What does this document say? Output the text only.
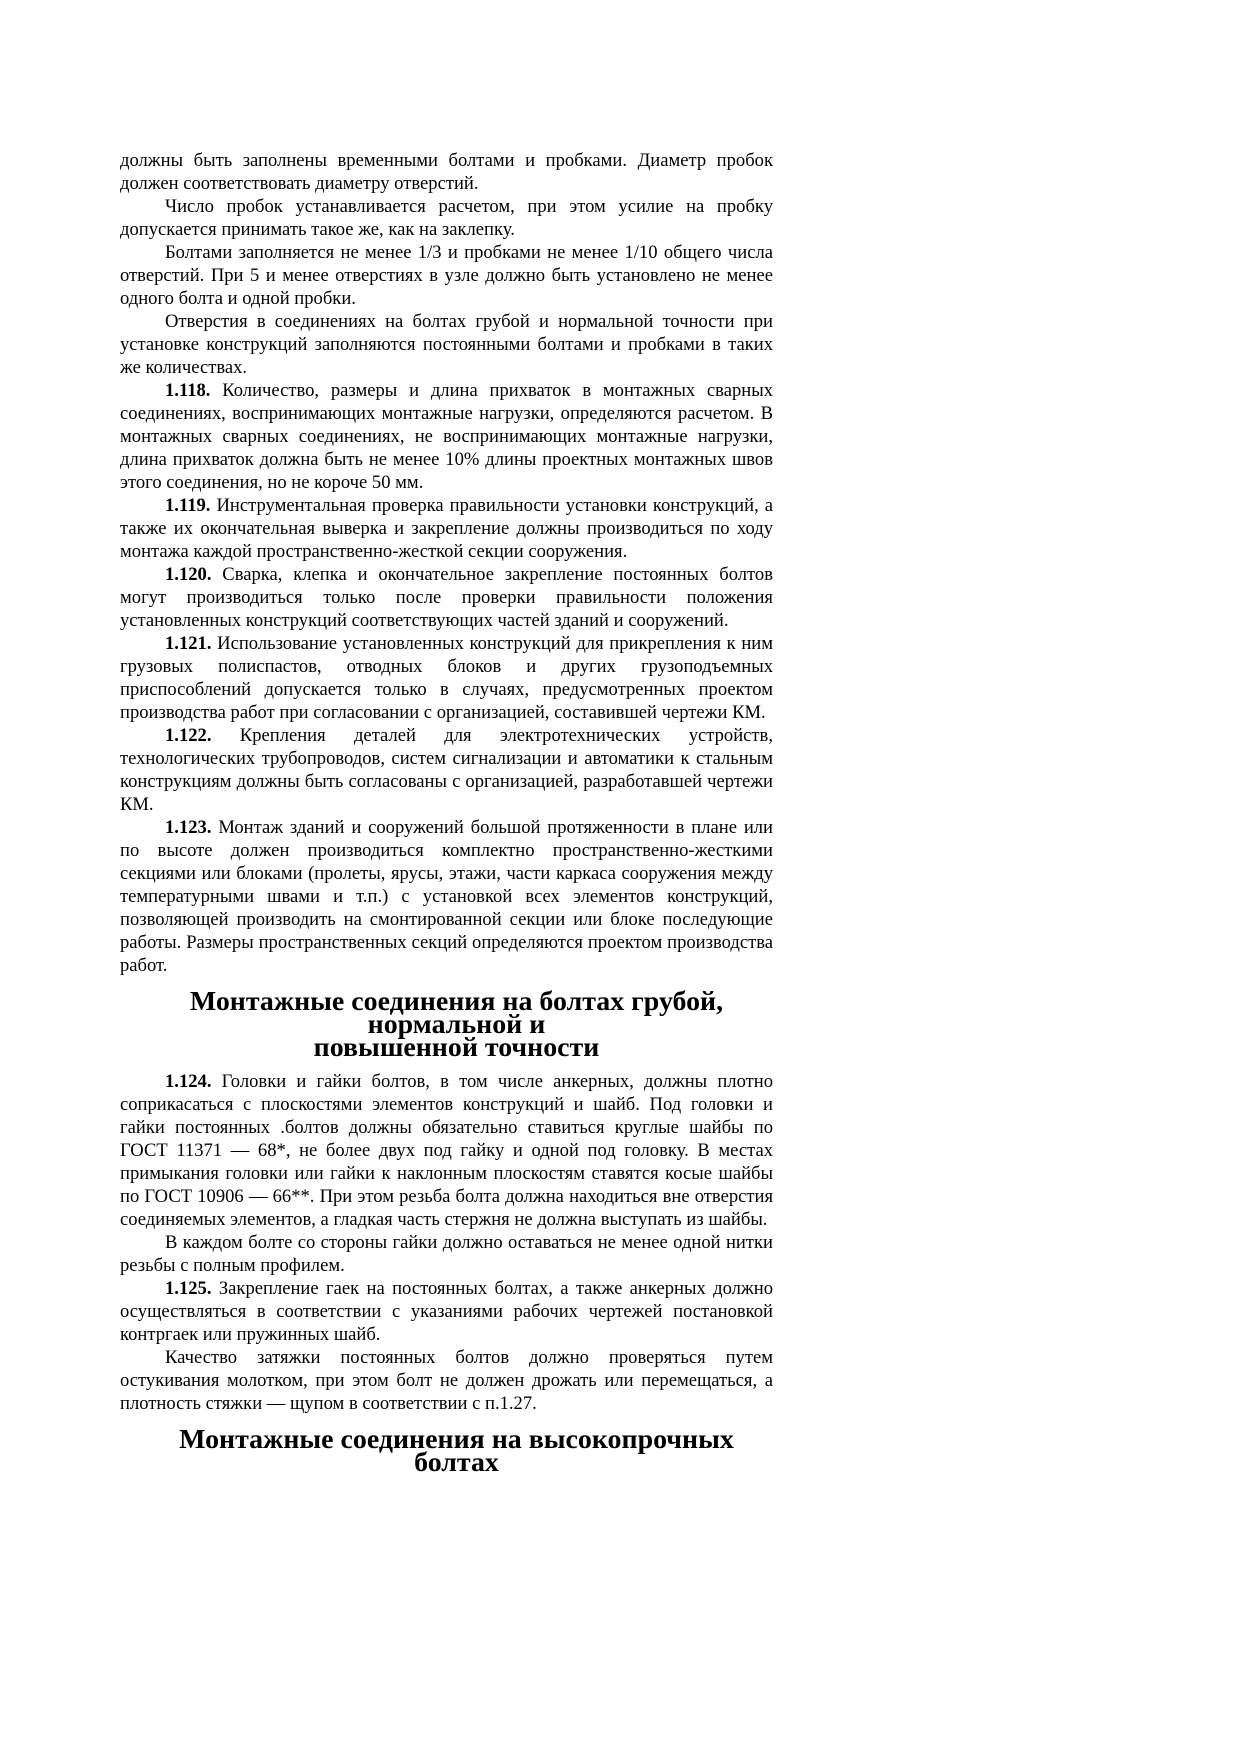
должны быть заполнены временными болтами и пробками. Диаметр пробок должен соответствовать диаметру отверстий.

Число пробок устанавливается расчетом, при этом усилие на пробку допускается принимать такое же, как на заклепку.

Болтами заполняется не менее 1/3 и пробками не менее 1/10 общего числа отверстий. При 5 и менее отверстиях в узле должно быть установлено не менее одного болта и одной пробки.

Отверстия в соединениях на болтах грубой и нормальной точности при установке конструкций заполняются постоянными болтами и пробками в таких же количествах.

1.118. Количество, размеры и длина прихваток в монтажных сварных соединениях, воспринимающих монтажные нагрузки, определяются расчетом. В монтажных сварных соединениях, не воспринимающих монтажные нагрузки, длина прихваток должна быть не менее 10% длины проектных монтажных швов этого соединения, но не короче 50 мм.

1.119. Инструментальная проверка правильности установки конструкций, а также их окончательная выверка и закрепление должны производиться по ходу монтажа каждой пространственно-жесткой секции сооружения.

1.120. Сварка, клепка и окончательное закрепление постоянных болтов могут производиться только после проверки правильности положения установленных конструкций соответствующих частей зданий и сооружений.

1.121. Использование установленных конструкций для прикрепления к ним грузовых полиспастов, отводных блоков и других грузоподъемных приспособлений допускается только в случаях, предусмотренных проектом производства работ при согласовании с организацией, составившей чертежи КМ.

1.122. Крепления деталей для электротехнических устройств, технологических трубопроводов, систем сигнализации и автоматики к стальным конструкциям должны быть согласованы с организацией, разработавшей чертежи КМ.

1.123. Монтаж зданий и сооружений большой протяженности в плане или по высоте должен производиться комплектно пространственно-жесткими секциями или блоками (пролеты, ярусы, этажи, части каркаса сооружения между температурными швами и т.п.) с установкой всех элементов конструкций, позволяющей производить на смонтированной секции или блоке последующие работы. Размеры пространственных секций определяются проектом производства работ.

Монтажные соединения на болтах грубой, нормальной и
повышенной точности

1.124. Головки и гайки болтов, в том числе анкерных, должны плотно соприкасаться с плоскостями элементов конструкций и шайб. Под головки и гайки постоянных .болтов должны обязательно ставиться круглые шайбы по ГОСТ 11371 — 68*, не более двух под гайку и одной под головку. В местах примыкания головки или гайки к наклонным плоскостям ставятся косые шайбы по ГОСТ 10906 — 66**. При этом резьба болта должна находиться вне отверстия соединяемых элементов, а гладкая часть стержня не должна выступать из шайбы.

В каждом болте со стороны гайки должно оставаться не менее одной нитки резьбы с полным профилем.

1.125. Закрепление гаек на постоянных болтах, а также анкерных должно осуществляться в соответствии с указаниями рабочих чертежей постановкой контргаек или пружинных шайб.

Качество затяжки постоянных болтов должно проверяться путем остукивания молотком, при этом болт не должен дрожать или перемещаться, а плотность стяжки — щупом в соответствии с п.1.27.

Монтажные соединения на высокопрочных болтах
